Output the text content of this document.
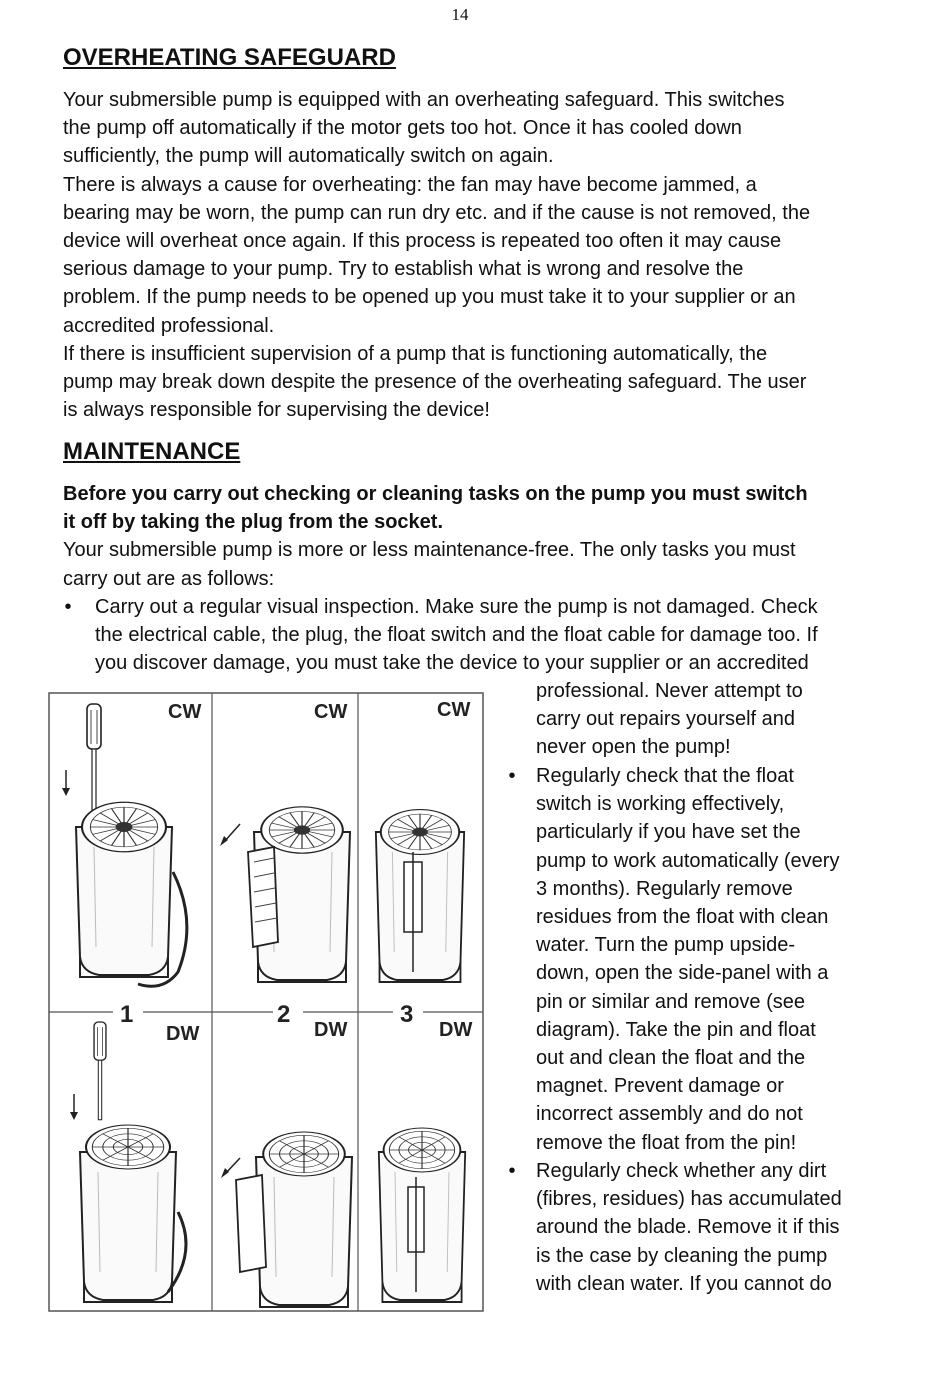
14
OVERHEATING SAFEGUARD

Your submersible pump is equipped with an overheating safeguard. This switches

the pump off automatically if the motor gets too hot. Once it has cooled down

sufficiently, the pump will automatically switch on again.

There is always a cause for overheating: the fan may have become jammed, a

bearing may be worn, the pump can run dry etc. and if the cause is not removed, the

device will overheat once again. If this process is repeated too often it may cause

serious damage to your pump. Try to establish what is wrong and resolve the

problem. If the pump needs to be opened up you must take it to your supplier or an

accredited professional.

If there is insufficient supervision of a pump that is functioning automatically, the

pump may break down despite the presence of the overheating safeguard. The user

is always responsible for supervising the device!

MAINTENANCE

Before you carry out checking or cleaning tasks on the pump you must switch

it off by taking the plug from the socket.

Your submersible pump is more or less maintenance-free. The only tasks you must

carry out are as follows:

• Carry out a regular visual inspection. Make sure the pump is not damaged. Check
the electrical cable, the plug, the float switch and the float cable for damage too. If
you discover damage, you must take the device to your supplier or an accredited
professional. Never attempt to
carry out repairs yourself and
never open the pump!
• Regularly check that the float
switch is working effectively,
particularly if you have set the
pump to work automatically (every
3 months). Regularly remove
residues from the float with clean
water. Turn the pump upside-
down, open the side-panel with a
pin or similar and remove (see
diagram). Take the pin and float
out and clean the float and the
magnet. Prevent damage or
incorrect assembly and do not
remove the float from the pin!
• Regularly check whether any dirt
(fibres, residues) has accumulated
around the blade. Remove it if this
is the case by cleaning the pump
with clean water. If you cannot do
CW	CW	CW
DW	DW	DW
1	2	3
